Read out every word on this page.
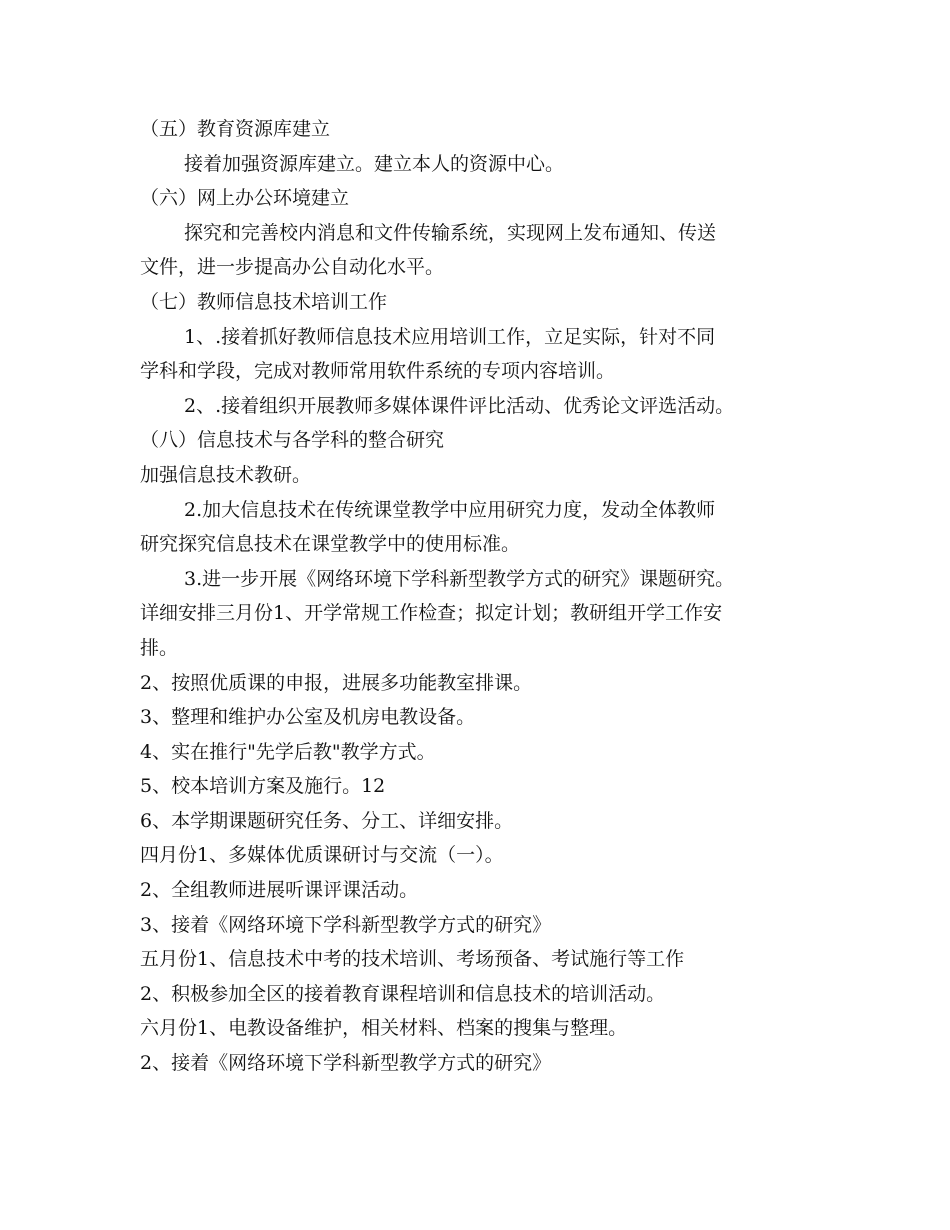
（五）教育资源库建立
接着加强资源库建立。建立本人的资源中心。
（六）网上办公环境建立
探究和完善校内消息和文件传输系统，实现网上发布通知、传送
文件，进一步提高办公自动化水平。
（七）教师信息技术培训工作
1、.接着抓好教师信息技术应用培训工作，立足实际，针对不同
学科和学段，完成对教师常用软件系统的专项内容培训。
2、.接着组织开展教师多媒体课件评比活动、优秀论文评选活动。
（八）信息技术与各学科的整合研究
加强信息技术教研。
2.加大信息技术在传统课堂教学中应用研究力度，发动全体教师
研究探究信息技术在课堂教学中的使用标准。
3.进一步开展《网络环境下学科新型教学方式的研究》课题研究。
详细安排三月份1、开学常规工作检查；拟定计划；教研组开学工作安
排。
2、按照优质课的申报，进展多功能教室排课。
3、整理和维护办公室及机房电教设备。
4、实在推行"先学后教"教学方式。
5、校本培训方案及施行。12
6、本学期课题研究任务、分工、详细安排。
四月份1、多媒体优质课研讨与交流（一）。
2、全组教师进展听课评课活动。
3、接着《网络环境下学科新型教学方式的研究》
五月份1、信息技术中考的技术培训、考场预备、考试施行等工作
2、积极参加全区的接着教育课程培训和信息技术的培训活动。
六月份1、电教设备维护，相关材料、档案的搜集与整理。
2、接着《网络环境下学科新型教学方式的研究》
